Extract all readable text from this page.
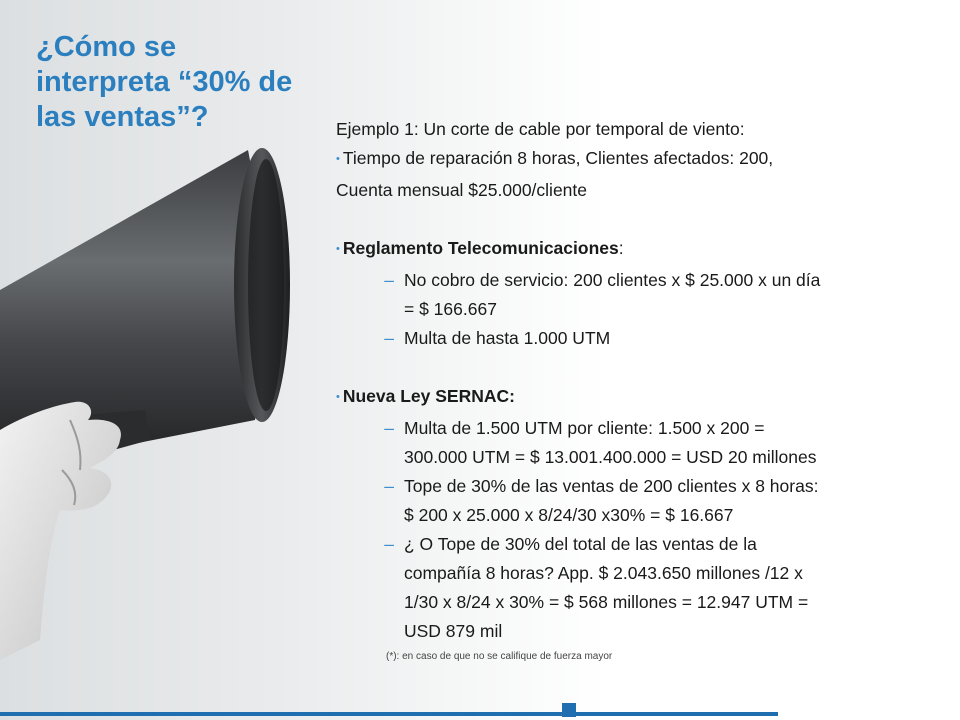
¿Cómo se interpreta “30% de las ventas”?	Ejemplo 1: Un corte de cable por temporal de viento:

• Tiempo de reparación 8 horas, Clientes afectados: 200,

Cuenta mensual $25.000/cliente

• Reglamento Telecomunicaciones:

– No cobro de servicio: 200 clientes x $ 25.000 x un día
= $ 166.667
– Multa de hasta 1.000 UTM

• Nueva Ley SERNAC:

– Multa de 1.500 UTM por cliente: 1.500 x 200 =
300.000 UTM = $ 13.001.400.000 = USD 20 millones
– Tope de 30% de las ventas de 200 clientes x 8 horas:
$ 200 x 25.000 x 8/24/30 x30% = $ 16.667
– ¿ O Tope de 30% del total de las ventas de la
compañía 8 horas? App. $ 2.043.650 millones /12 x
1/30 x 8/24 x 30% = $ 568 millones = 12.947 UTM =
USD 879 mil

(*): en caso de que no se califique de fuerza mayor
